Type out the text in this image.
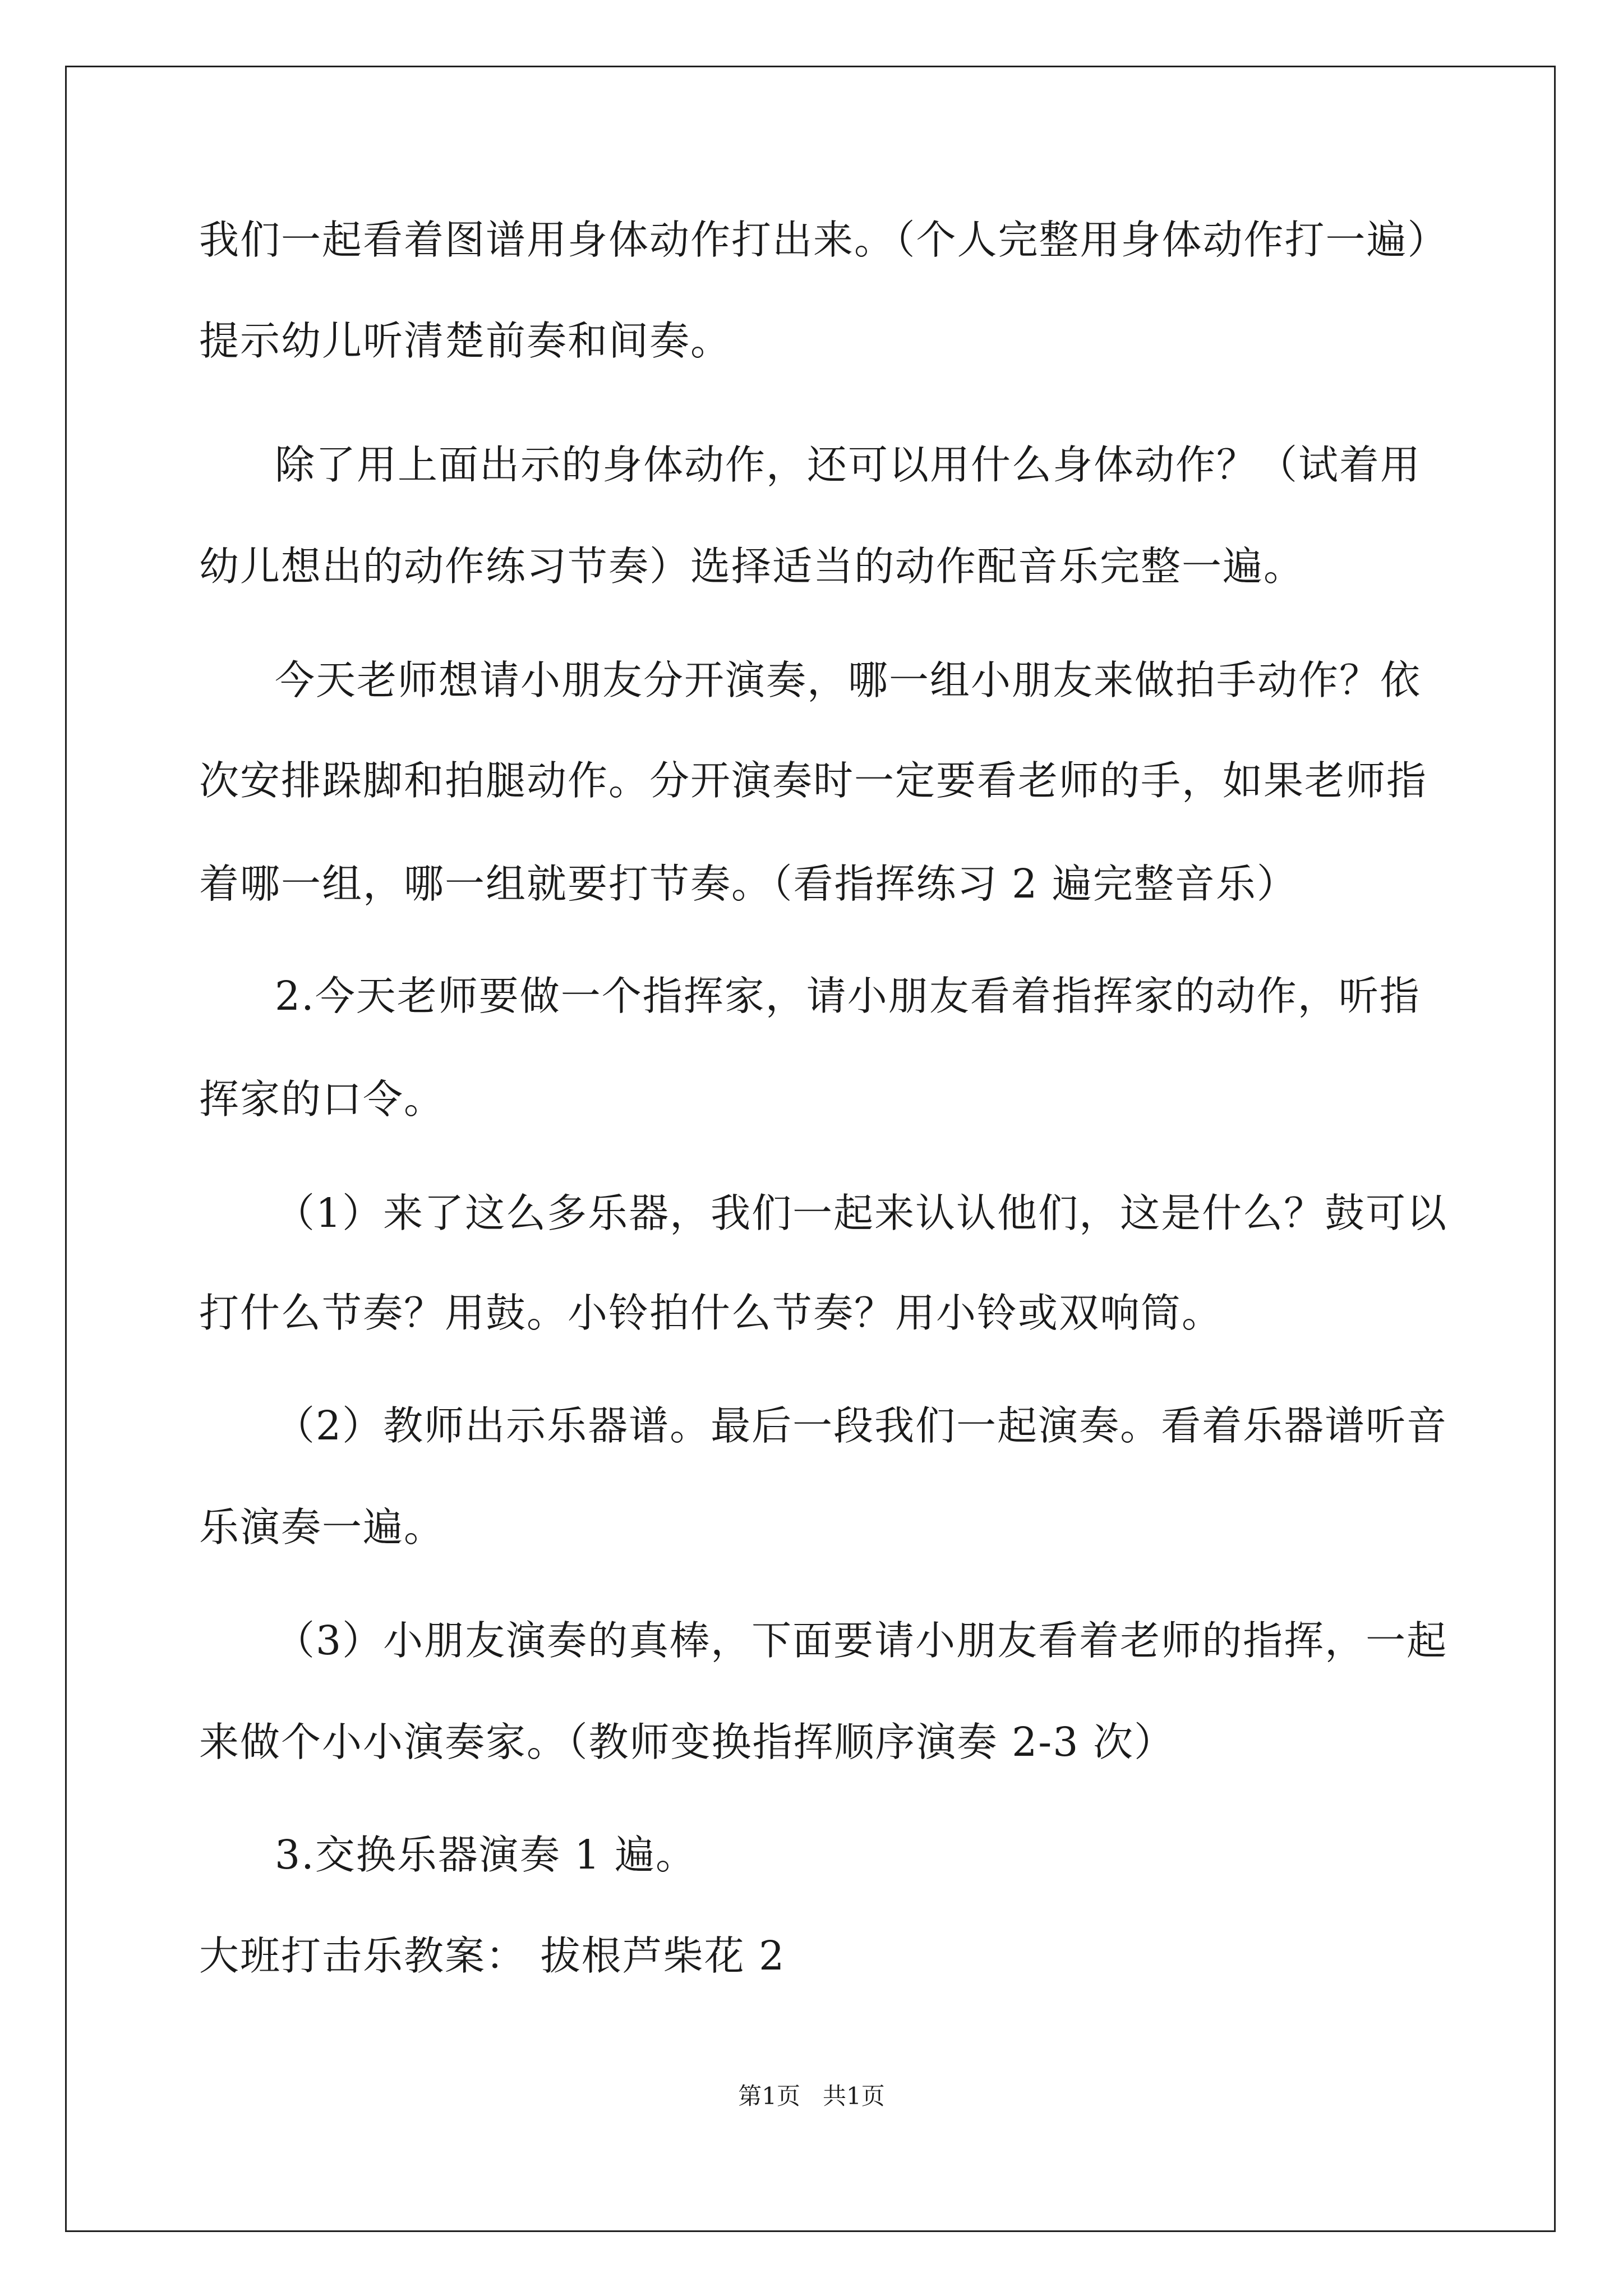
我们一起看着图谱用身体动作打出来。（个人完整用身体动作打一遍）
提示幼儿听清楚前奏和间奏。
除了用上面出示的身体动作，还可以用什么身体动作？（试着用
幼儿想出的动作练习节奏）选择适当的动作配音乐完整一遍。
今天老师想请小朋友分开演奏，哪一组小朋友来做拍手动作？依
次安排跺脚和拍腿动作。分开演奏时一定要看老师的手，如果老师指
着哪一组，哪一组就要打节奏。（看指挥练习 2 遍完整音乐）
2.今天老师要做一个指挥家，请小朋友看着指挥家的动作，听指
挥家的口令。
（1）来了这么多乐器，我们一起来认认他们，这是什么？鼓可以
打什么节奏？用鼓。小铃拍什么节奏？用小铃或双响筒。
（2）教师出示乐器谱。最后一段我们一起演奏。看着乐器谱听音
乐演奏一遍。
（3）小朋友演奏的真棒，下面要请小朋友看着老师的指挥，一起
来做个小小演奏家。（教师变换指挥顺序演奏 2-3 次）
3.交换乐器演奏 1 遍。
大班打击乐教案： 拔根芦柴花 2
第1页   共1页
